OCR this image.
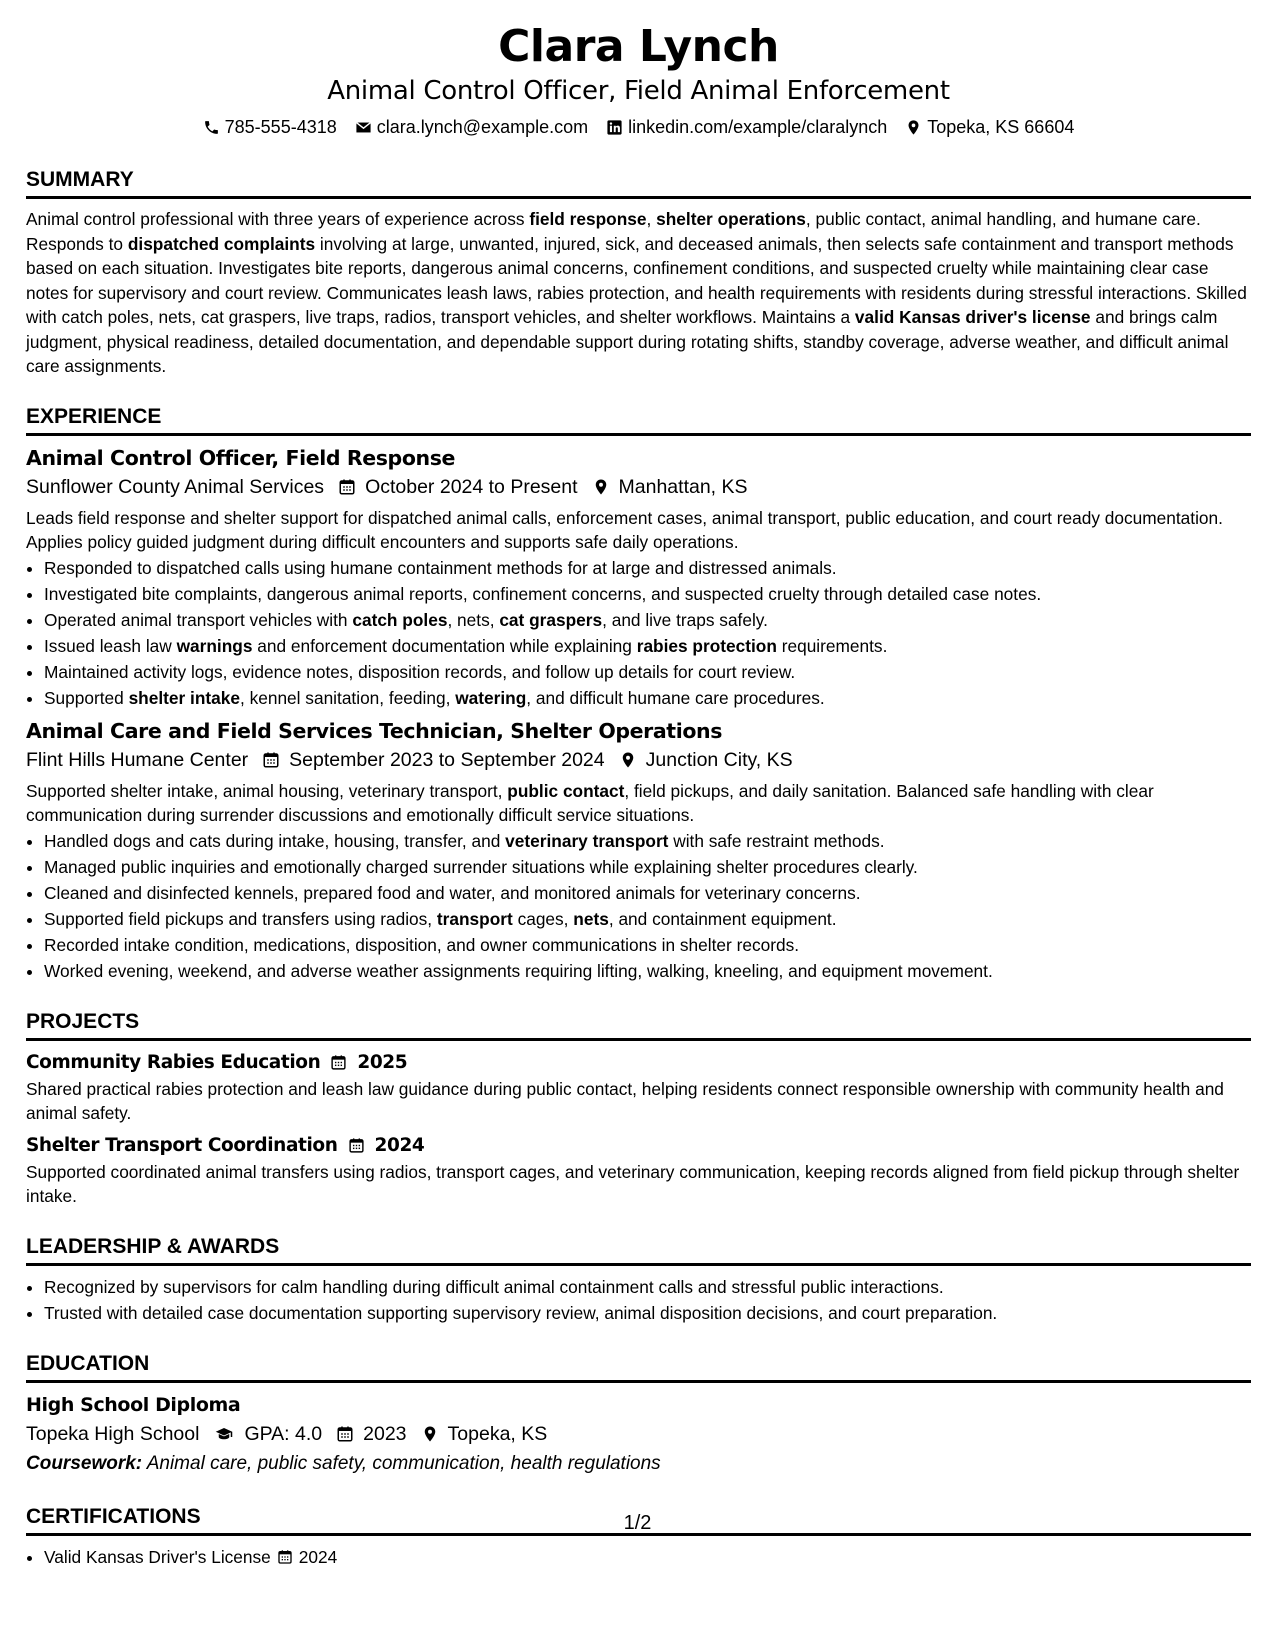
Clara Lynch
Animal Control Officer, Field Animal Enforcement
785-555-4318 clara.lynch@example.com linkedin.com/example/claralynch Topeka, KS 66604
SUMMARY
Animal control professional with three years of experience across field response, shelter operations, public contact, animal handling, and humane care. Responds to dispatched complaints involving at large, unwanted, injured, sick, and deceased animals, then selects safe containment and transport methods based on each situation. Investigates bite reports, dangerous animal concerns, confinement conditions, and suspected cruelty while maintaining clear case notes for supervisory and court review. Communicates leash laws, rabies protection, and health requirements with residents during stressful interactions. Skilled with catch poles, nets, cat graspers, live traps, radios, transport vehicles, and shelter workflows. Maintains a valid Kansas driver's license and brings calm judgment, physical readiness, detailed documentation, and dependable support during rotating shifts, standby coverage, adverse weather, and difficult animal care assignments.
EXPERIENCE
Animal Control Officer, Field Response
Sunflower County Animal Services October 2024 to Present Manhattan, KS
Leads field response and shelter support for dispatched animal calls, enforcement cases, animal transport, public education, and court ready documentation. Applies policy guided judgment during difficult encounters and supports safe daily operations.
• Responded to dispatched calls using humane containment methods for at large and distressed animals.
• Investigated bite complaints, dangerous animal reports, confinement concerns, and suspected cruelty through detailed case notes.
• Operated animal transport vehicles with catch poles, nets, cat graspers, and live traps safely.
• Issued leash law warnings and enforcement documentation while explaining rabies protection requirements.
• Maintained activity logs, evidence notes, disposition records, and follow up details for court review.
• Supported shelter intake, kennel sanitation, feeding, watering, and difficult humane care procedures.
Animal Care and Field Services Technician, Shelter Operations
Flint Hills Humane Center September 2023 to September 2024 Junction City, KS
Supported shelter intake, animal housing, veterinary transport, public contact, field pickups, and daily sanitation. Balanced safe handling with clear communication during surrender discussions and emotionally difficult service situations.
• Handled dogs and cats during intake, housing, transfer, and veterinary transport with safe restraint methods.
• Managed public inquiries and emotionally charged surrender situations while explaining shelter procedures clearly.
• Cleaned and disinfected kennels, prepared food and water, and monitored animals for veterinary concerns.
• Supported field pickups and transfers using radios, transport cages, nets, and containment equipment.
• Recorded intake condition, medications, disposition, and owner communications in shelter records.
• Worked evening, weekend, and adverse weather assignments requiring lifting, walking, kneeling, and equipment movement.
PROJECTS
Community Rabies Education 2025
Shared practical rabies protection and leash law guidance during public contact, helping residents connect responsible ownership with community health and animal safety.
Shelter Transport Coordination 2024
Supported coordinated animal transfers using radios, transport cages, and veterinary communication, keeping records aligned from field pickup through shelter intake.
LEADERSHIP & AWARDS
• Recognized by supervisors for calm handling during difficult animal containment calls and stressful public interactions.
• Trusted with detailed case documentation supporting supervisory review, animal disposition decisions, and court preparation.
EDUCATION
High School Diploma
Topeka High School GPA: 4.0 2023 Topeka, KS
Coursework: Animal care, public safety, communication, health regulations
CERTIFICATIONS
• Valid Kansas Driver's License 2024
1/2
